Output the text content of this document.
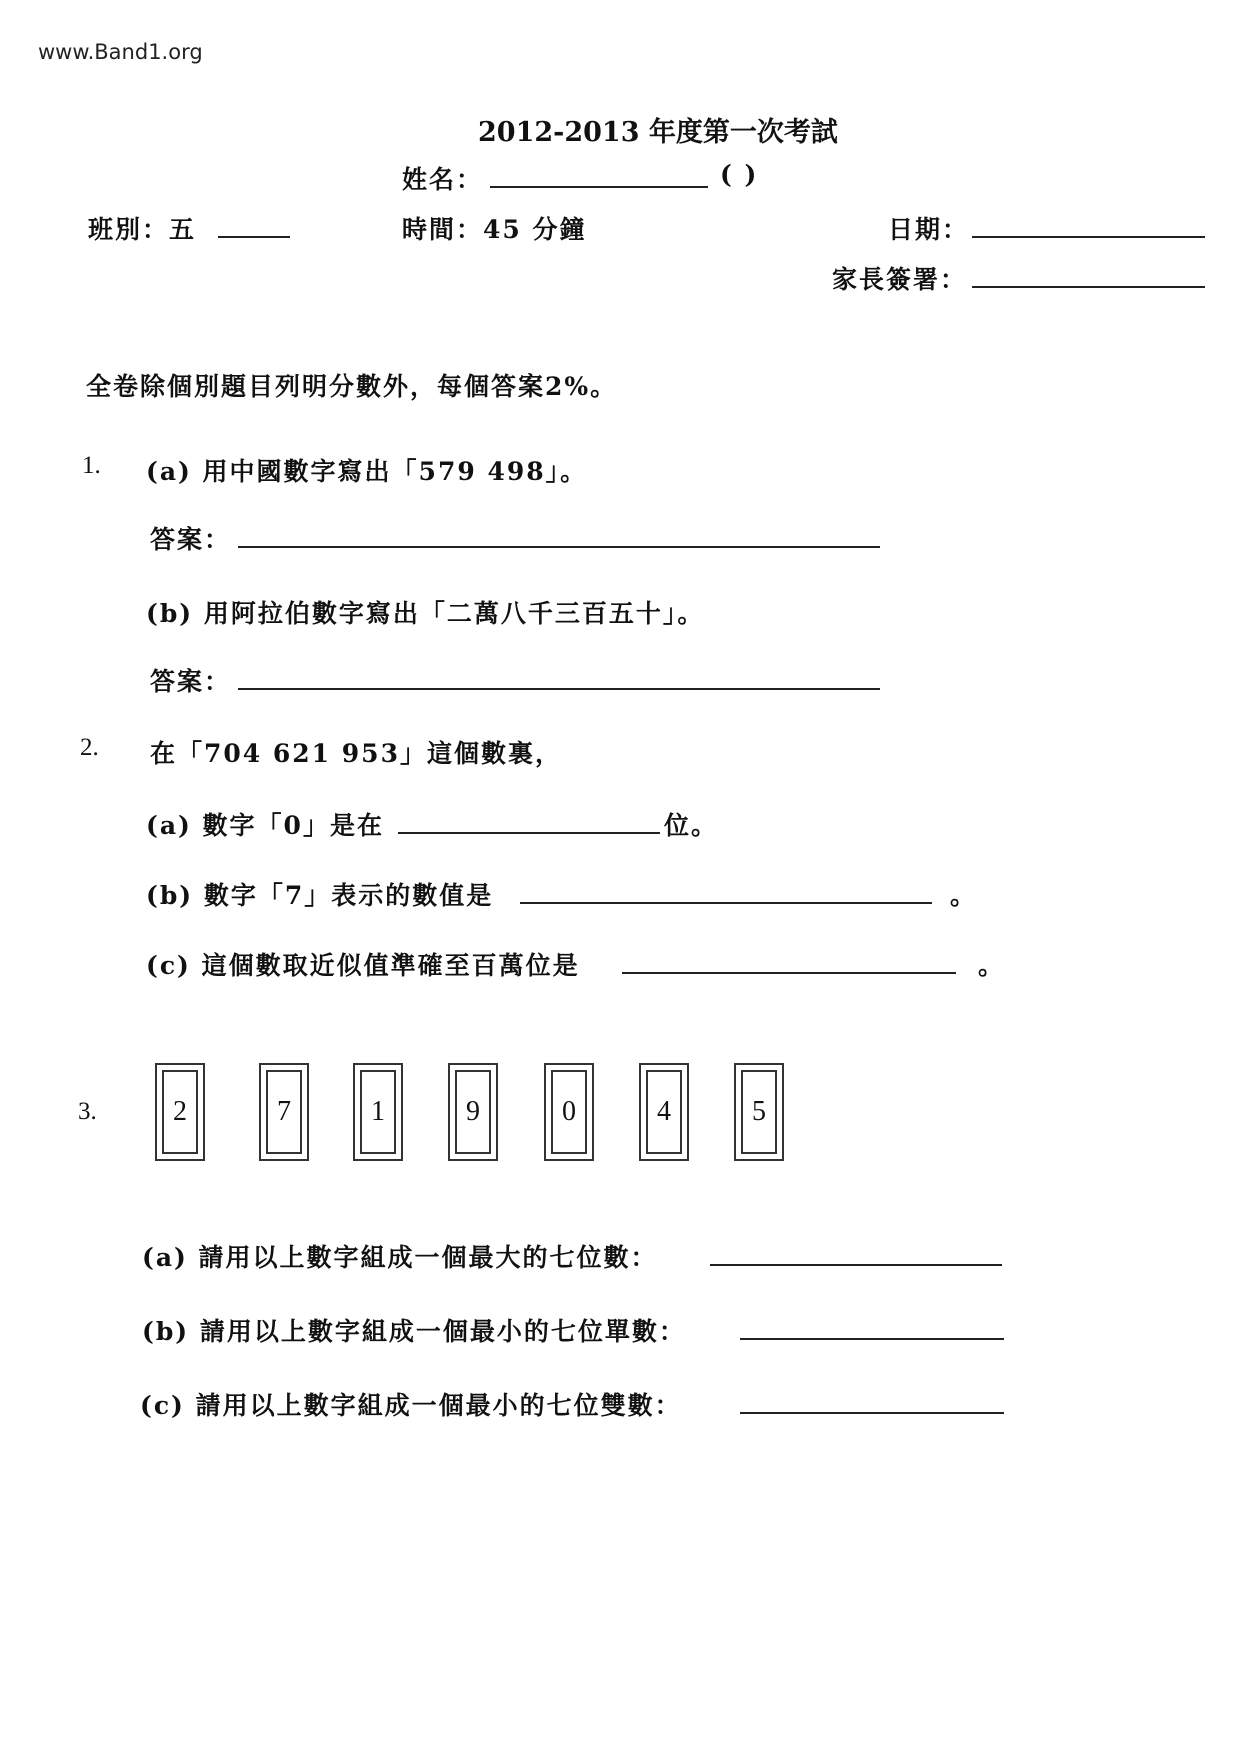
www.Band1.org
2012-2013 年度第一次考試
姓名：	( )
班別：五	時間：45 分鐘	日期：
家長簽署：
全卷除個別題目列明分數外，每個答案2%。
1. (a) 用中國數字寫出「579 498」。
答案：
(b) 用阿拉伯數字寫出「二萬八千三百五十」。
答案：
2. 在「704 621 953」這個數裏，
(a) 數字「0」是在	位。
(b) 數字「7」表示的數值是	。
(c) 這個數取近似值準確至百萬位是	。
3.	2	7	1	9	0	4	5
(a) 請用以上數字組成一個最大的七位數：
(b) 請用以上數字組成一個最小的七位單數：
(c) 請用以上數字組成一個最小的七位雙數：
